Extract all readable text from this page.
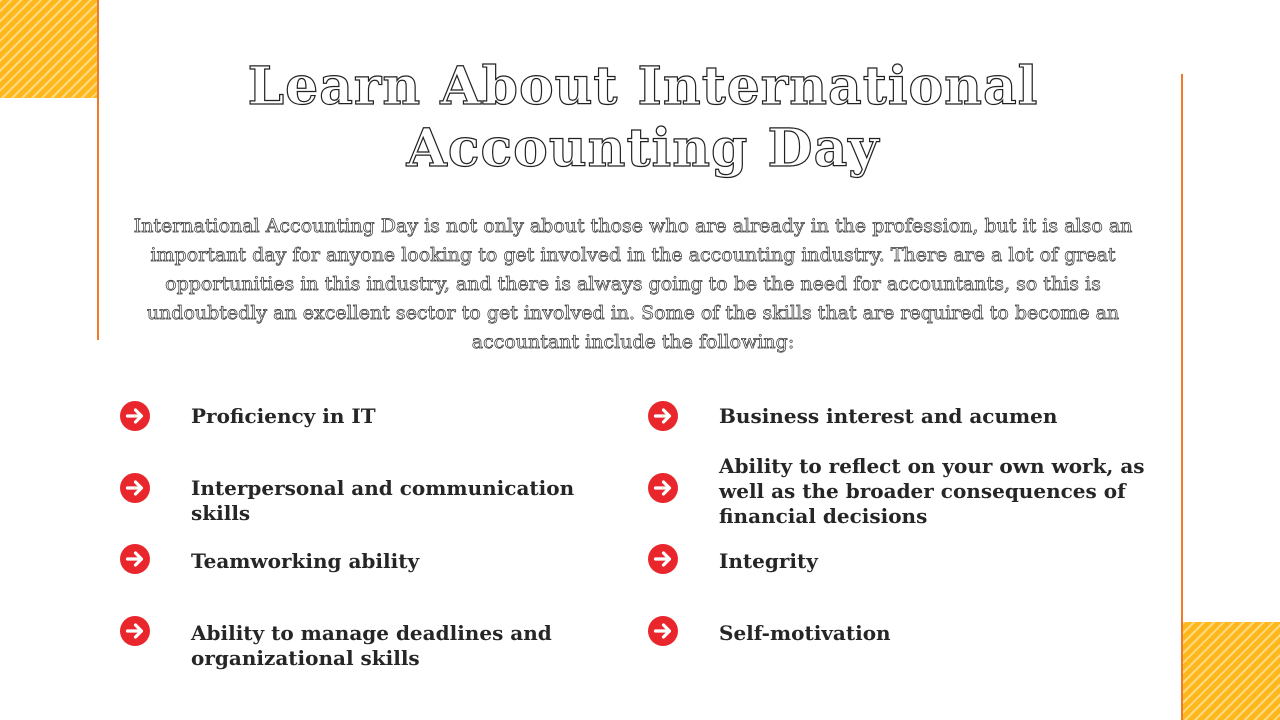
Learn About International Accounting Day

International Accounting Day is not only about those who are already in the profession, but it is also an important day for anyone looking to get involved in the accounting industry. There are a lot of great opportunities in this industry, and there is always going to be the need for accountants, so this is undoubtedly an excellent sector to get involved in. Some of the skills that are required to become an accountant include the following:

Proficiency in IT
Interpersonal and communication skills
Teamworking ability
Ability to manage deadlines and organizational skills
Business interest and acumen
Ability to reflect on your own work, as well as the broader consequences of financial decisions
Integrity
Self-motivation
